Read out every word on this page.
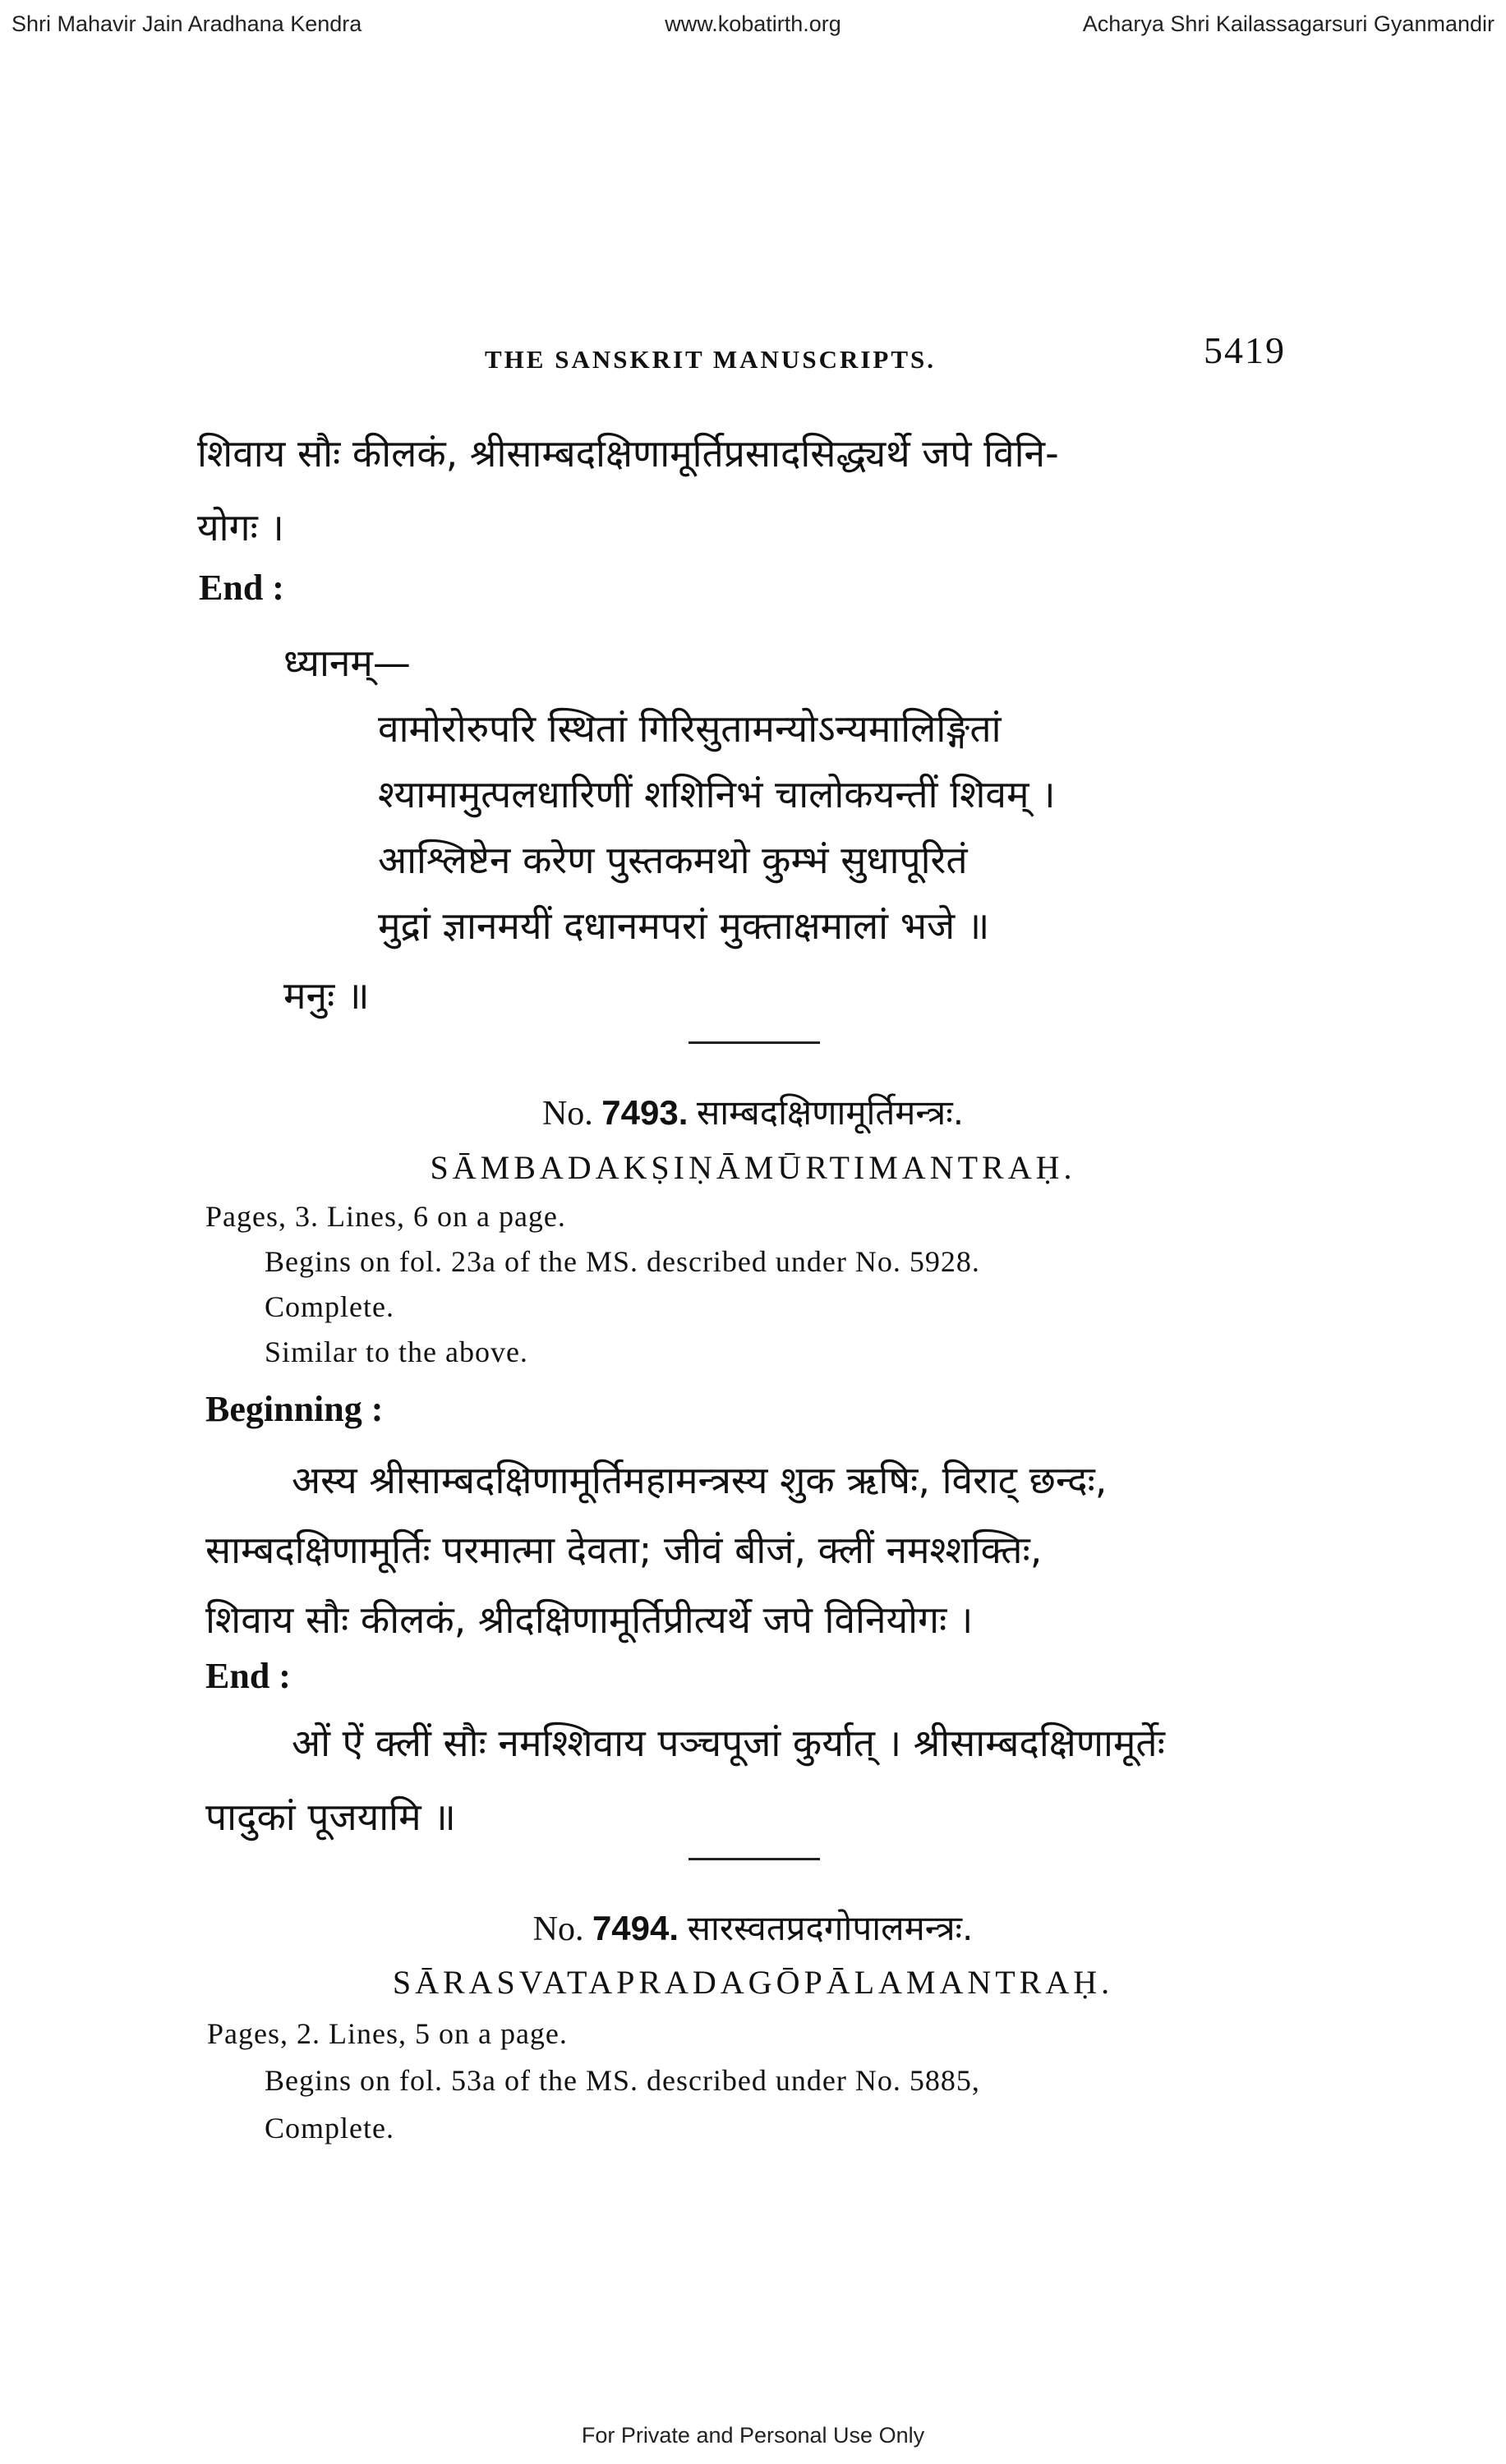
Shri Mahavir Jain Aradhana Kendra	www.kobatirth.org	Acharya Shri Kailassagarsuri Gyanmandir
THE SANSKRIT MANUSCRIPTS.	5419
शिवाय सौः कीलकं, श्रीसाम्बदक्षिणामूर्तिप्रसादसिद्ध्यर्थे जपे विनि-
योगः ।
End :
ध्यानम्—
वामोरोरुपरि स्थितां गिरिसुतामन्योऽन्यमालिङ्गितां
श्यामामुत्पलधारिणीं शशिनिभं चालोकयन्तीं शिवम् ।
आश्लिष्टेन करेण पुस्तकमथो कुम्भं सुधापूरितं
मुद्रां ज्ञानमयीं दधानमपरां मुक्ताक्षमालां भजे ॥
मनुः ॥
No. 7493. साम्बदक्षिणामूर्तिमन्त्रः.
SĀMBADAKṢIṆĀMŪRTIMANTRAḤ.
Pages, 3. Lines, 6 on a page.
Begins on fol. 23a of the MS. described under No. 5928.
Complete.
Similar to the above.
Beginning :
अस्य श्रीसाम्बदक्षिणामूर्तिमहामन्त्रस्य शुक ऋषिः, विराट् छन्दः,
साम्बदक्षिणामूर्तिः परमात्मा देवता; जीवं बीजं, क्लीं नमश्शक्तिः,
शिवाय सौः कीलकं, श्रीदक्षिणामूर्तिप्रीत्यर्थे जपे विनियोगः ।
End :
ओं ऐं क्लीं सौः नमश्शिवाय पञ्चपूजां कुर्यात् । श्रीसाम्बदक्षिणामूर्तेः
पादुकां पूजयामि ॥
No. 7494. सारस्वतप्रदगोपालमन्त्रः.
SĀRASVATAPRADAGŌPĀLAMANTRAḤ.
Pages, 2. Lines, 5 on a page.
Begins on fol. 53a of the MS. described under No. 5885,
Complete.
For Private and Personal Use Only
